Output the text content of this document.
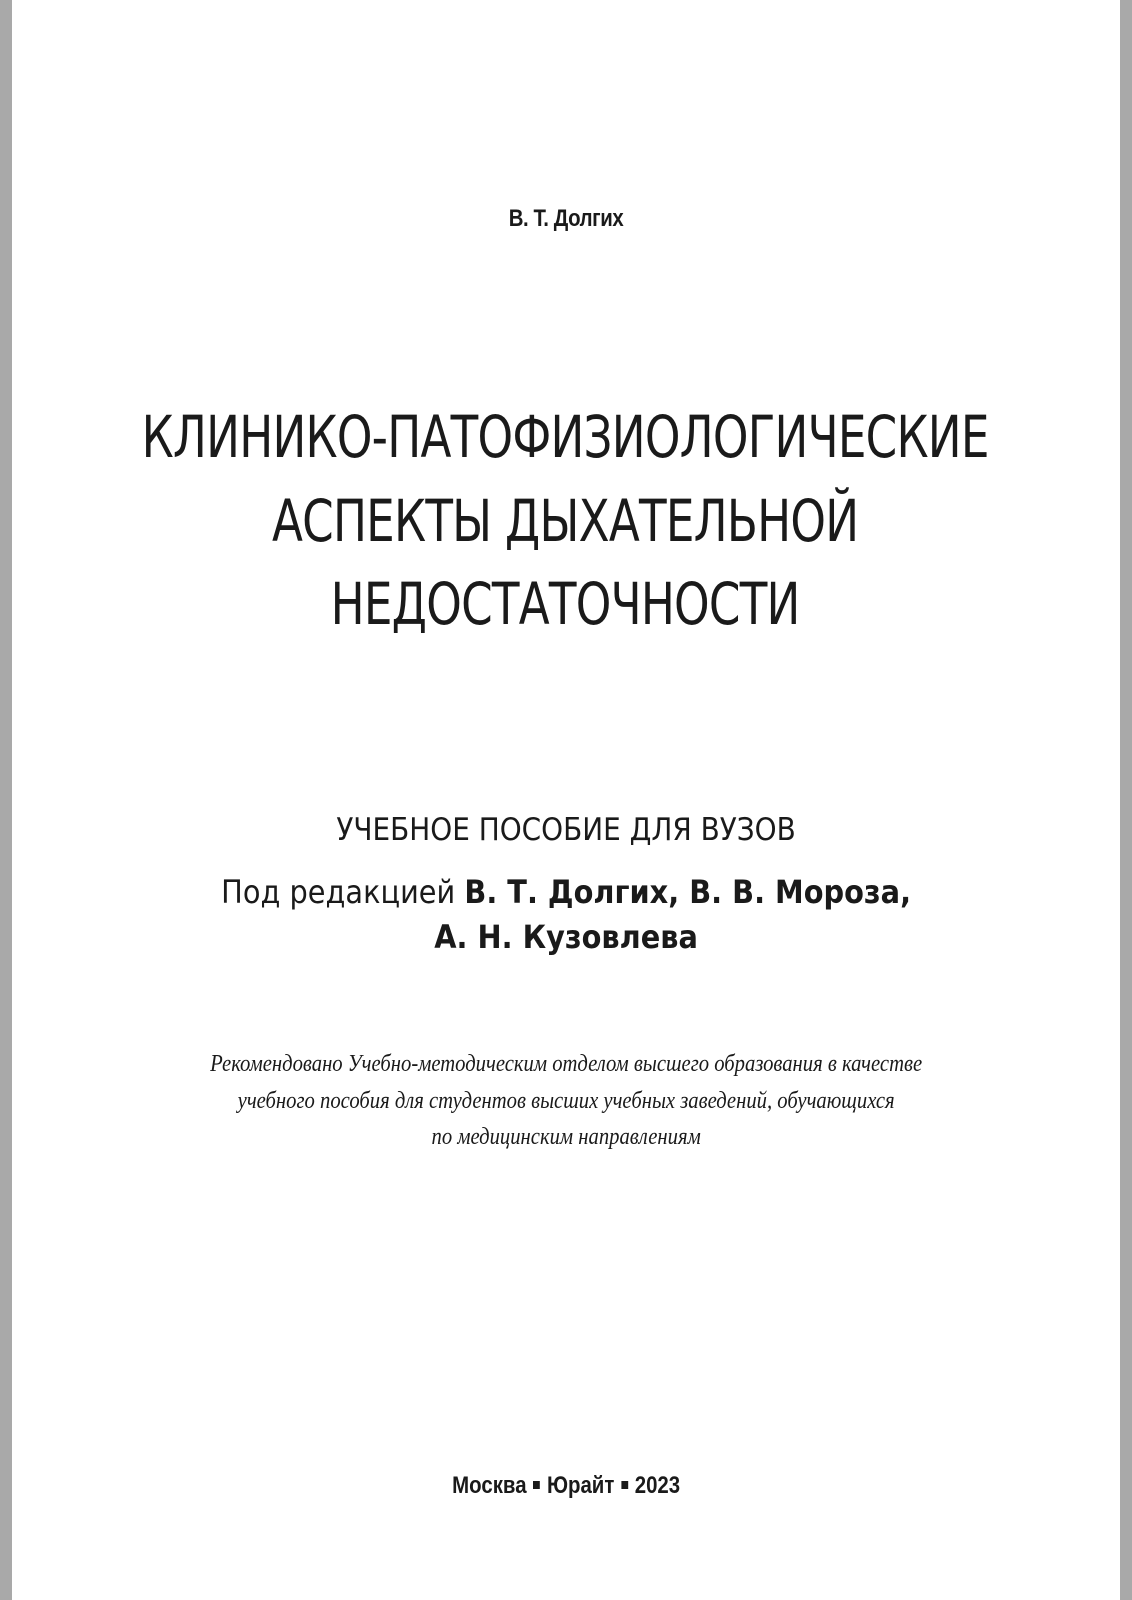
В. Т. Долгих
КЛИНИКО-ПАТОФИЗИОЛОГИЧЕСКИЕ
АСПЕКТЫ ДЫХАТЕЛЬНОЙ
НЕДОСТАТОЧНОСТИ
УЧЕБНОЕ ПОСОБИЕ ДЛЯ ВУЗОВ
Под редакцией В. Т. Долгих, В. В. Мороза,
А. Н. Кузовлева
Рекомендовано Учебно-методическим отделом высшего образования в качестве
учебного пособия для студентов высших учебных заведений, обучающихся
по медицинским направлениям
Москва Юрайт 2023
